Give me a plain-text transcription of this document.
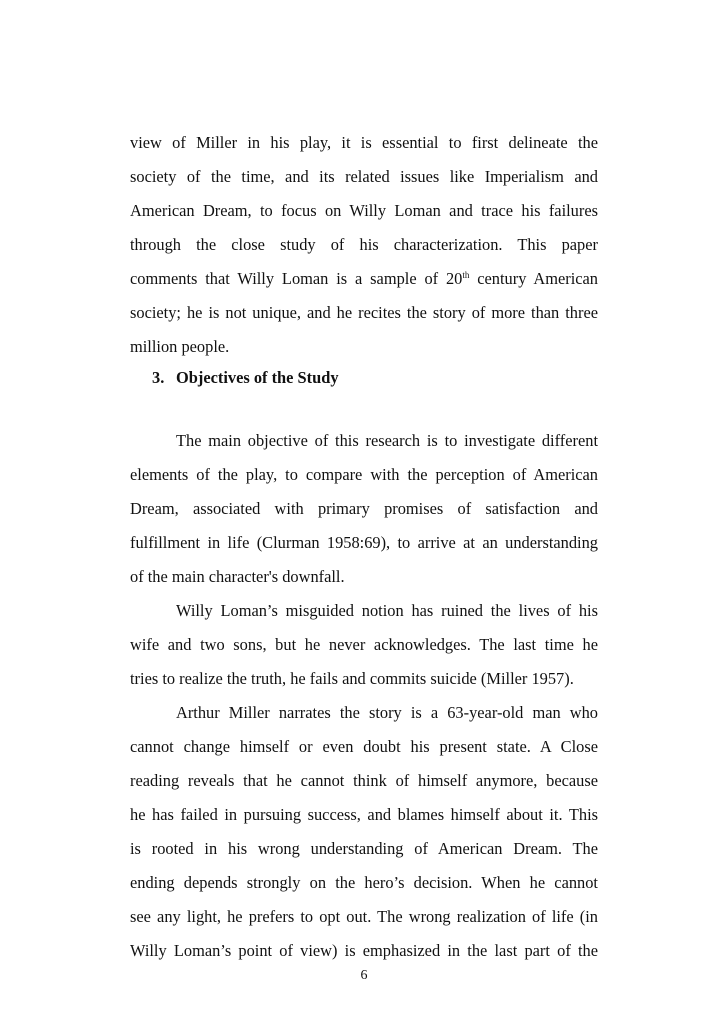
view of Miller in his play, it is essential to first delineate the
society of the time, and its related issues like Imperialism and
American Dream, to focus on Willy Loman and trace his failures
through the close study of his characterization. This paper
comments that Willy Loman is a sample of 20th century American
society; he is not unique, and he recites the story of more than three
million people.
3. Objectives of the Study
The main objective of this research is to investigate different
elements of the play, to compare with the perception of American
Dream, associated with primary promises of satisfaction and
fulfillment in life (Clurman 1958:69), to arrive at an understanding
of the main character's downfall.
Willy Loman’s misguided notion has ruined the lives of his
wife and two sons, but he never acknowledges. The last time he
tries to realize the truth, he fails and commits suicide (Miller 1957).
Arthur Miller narrates the story is a 63-year-old man who
cannot change himself or even doubt his present state. A Close
reading reveals that he cannot think of himself anymore, because
he has failed in pursuing success, and blames himself about it. This
is rooted in his wrong understanding of American Dream. The
ending depends strongly on the hero’s decision. When he cannot
see any light, he prefers to opt out. The wrong realization of life (in
Willy Loman’s point of view) is emphasized in the last part of the
6
